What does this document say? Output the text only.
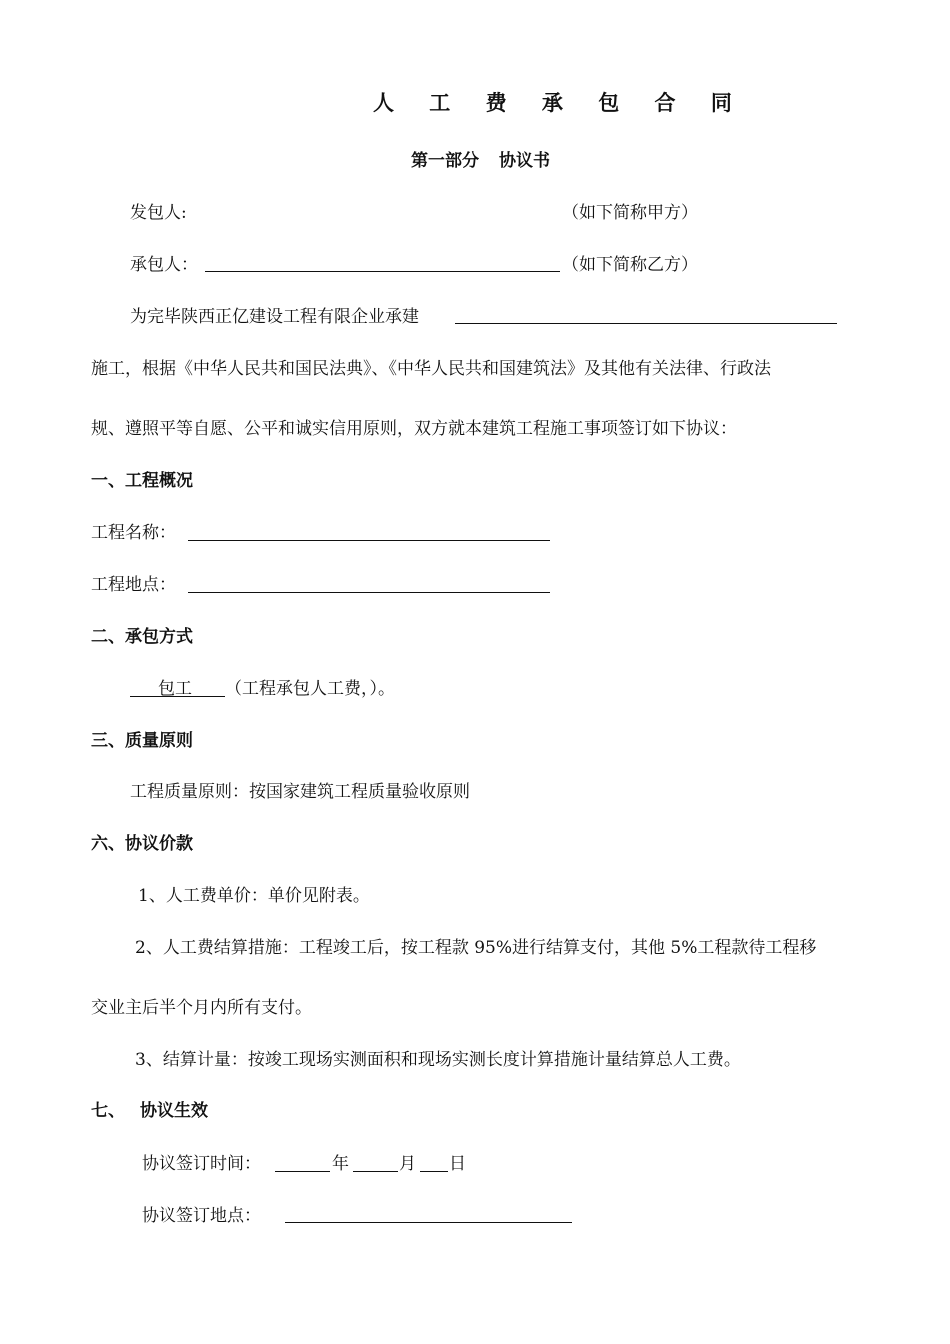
人 工 费 承 包 合 同
第一部分 协议书
发包人:	（如下简称甲方）
承包人：	（如下简称乙方）
为完毕陕西正亿建设工程有限企业承建
施工，根据《中华人民共和国民法典》、《中华人民共和国建筑法》及其他有关法律、行政法
规、遵照平等自愿、公平和诚实信用原则，双方就本建筑工程施工事项签订如下协议：
一、工程概况
工程名称：
工程地点：
二、承包方式
包工 （工程承包人工费，）。
三、质量原则
工程质量原则：按国家建筑工程质量验收原则
六、协议价款
1、人工费单价：单价见附表。
2、人工费结算措施：工程竣工后，按工程款 95%进行结算支付，其他 5%工程款待工程移
交业主后半个月内所有支付。
3、结算计量：按竣工现场实测面积和现场实测长度计算措施计量结算总人工费。
七、 协议生效
协议签订时间：	年	月 日
协议签订地点：
